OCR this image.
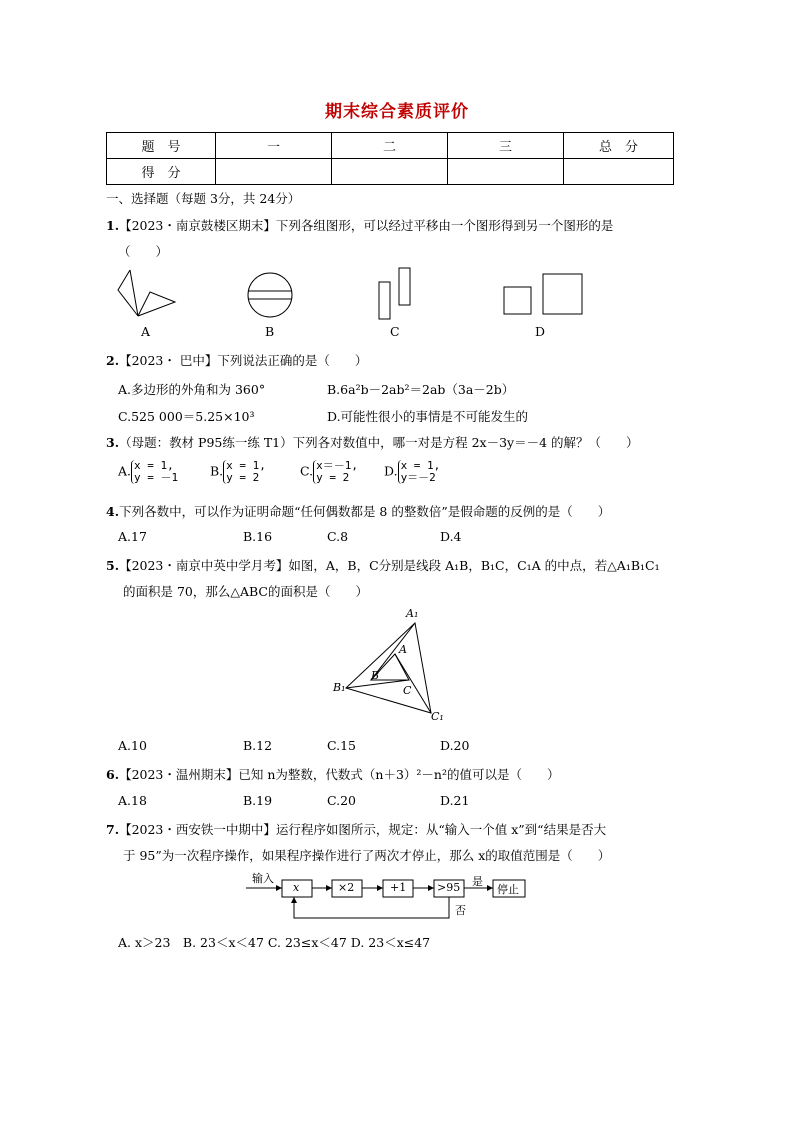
期末综合素质评价
题　号	一	二	三	总　分
得　分				
一、选择题（每题 3分，共 24分）
1.【2023・南京鼓楼区期末】下列各组图形，可以经过平移由一个图形得到另一个图形的是
（　　）
A	B	C	D
2.【2023・ 巴中】下列说法正确的是（　　）
A.多边形的外角和为 360°	B.6a²b－2ab²＝2ab（3a－2b）
C.525 000＝5.25×10³	D.可能性很小的事情是不可能发生的
3.（母题：教材 P95练一练 T1）下列各对数值中，哪一对是方程 2x－3y＝－4 的解？（　　）
A. x = 1,
y = －1	B. x = 1,
y = 2	C. x＝－1,
y = 2	D. x = 1,
y＝－2
4.下列各数中，可以作为证明命题“任何偶数都是 8 的整数倍”是假命题的反例的是（　　）
A.17	B.16	C.8	D.4
5.【2023・南京中英中学月考】如图，A，B，C分别是线段 A₁B，B₁C，C₁A 的中点，若△A₁B₁C₁
的面积是 70，那么△ABC的面积是（　　）
A₁
A
B
C
B₁
C₁
A.10	B.12	C.15	D.20
6.【2023・温州期末】已知 n为整数，代数式（n＋3）²－n²的值可以是（　　）
A.18	B.19	C.20	D.21
7.【2023・西安铁一中期中】运行程序如图所示，规定：从“输入一个值 x”到“结果是否大
于 95”为一次程序操作，如果程序操作进行了两次才停止，那么 x的取值范围是（　　）
输入
x	×2	+1	>95 是
否
停止
A. x＞23　B. 23＜x＜47 C. 23≤x＜47 D. 23＜x≤47
